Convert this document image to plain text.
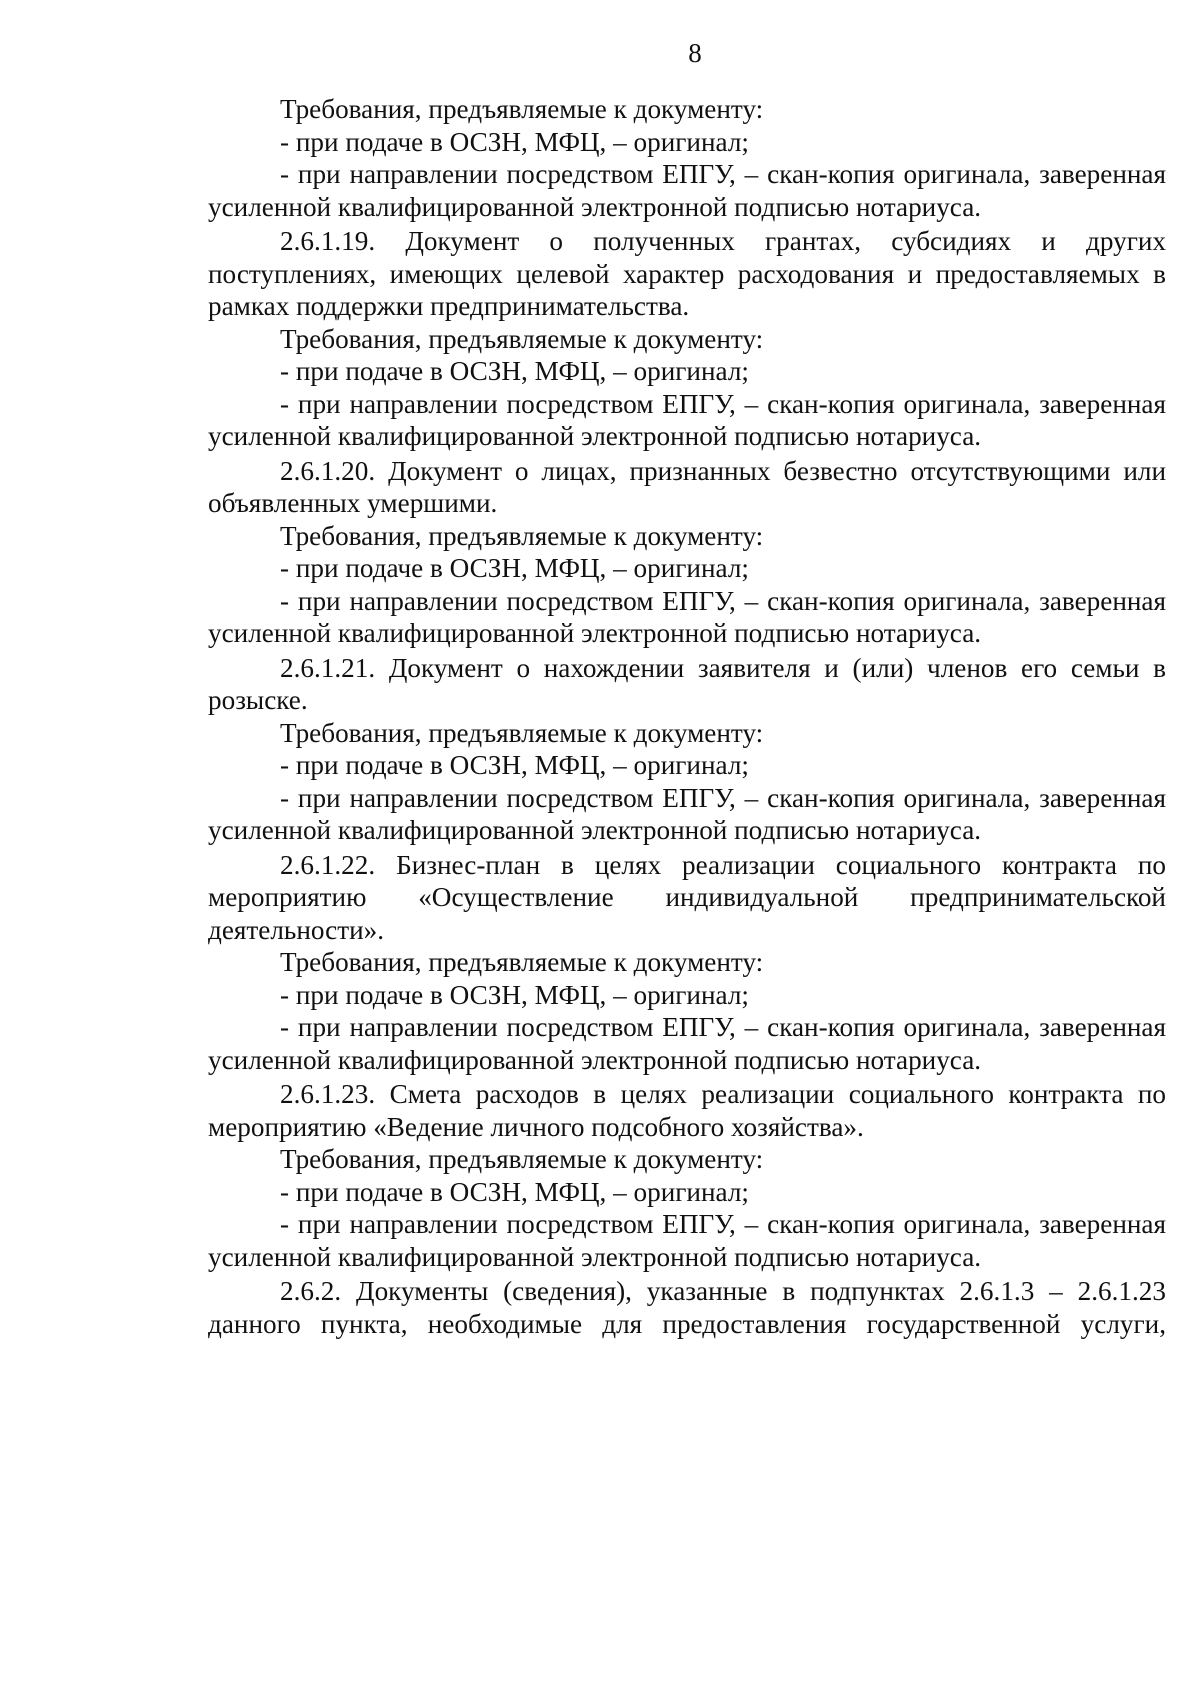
8

Требования, предъявляемые к документу:

- при подаче в ОСЗН, МФЦ, – оригинал;

- при направлении посредством ЕПГУ, – скан-копия оригинала, заверенная усиленной квалифицированной электронной подписью нотариуса.

2.6.1.19. Документ о полученных грантах, субсидиях и других поступлениях, имеющих целевой характер расходования и предоставляемых в рамках поддержки предпринимательства.

Требования, предъявляемые к документу:

- при подаче в ОСЗН, МФЦ, – оригинал;

- при направлении посредством ЕПГУ, – скан-копия оригинала, заверенная усиленной квалифицированной электронной подписью нотариуса.

2.6.1.20. Документ о лицах, признанных безвестно отсутствующими или объявленных умершими.

Требования, предъявляемые к документу:

- при подаче в ОСЗН, МФЦ, – оригинал;

- при направлении посредством ЕПГУ, – скан-копия оригинала, заверенная усиленной квалифицированной электронной подписью нотариуса.

2.6.1.21. Документ о нахождении заявителя и (или) членов его семьи в розыске.

Требования, предъявляемые к документу:

- при подаче в ОСЗН, МФЦ, – оригинал;

- при направлении посредством ЕПГУ, – скан-копия оригинала, заверенная усиленной квалифицированной электронной подписью нотариуса.

2.6.1.22. Бизнес-план в целях реализации социального контракта по мероприятию «Осуществление индивидуальной предпринимательской деятельности».

Требования, предъявляемые к документу:

- при подаче в ОСЗН, МФЦ, – оригинал;

- при направлении посредством ЕПГУ, – скан-копия оригинала, заверенная усиленной квалифицированной электронной подписью нотариуса.

2.6.1.23. Смета расходов в целях реализации социального контракта по мероприятию «Ведение личного подсобного хозяйства».

Требования, предъявляемые к документу:

- при подаче в ОСЗН, МФЦ, – оригинал;

- при направлении посредством ЕПГУ, – скан-копия оригинала, заверенная усиленной квалифицированной электронной подписью нотариуса.

2.6.2. Документы (сведения), указанные в подпунктах 2.6.1.3 – 2.6.1.23 данного пункта, необходимые для предоставления государственной услуги,
